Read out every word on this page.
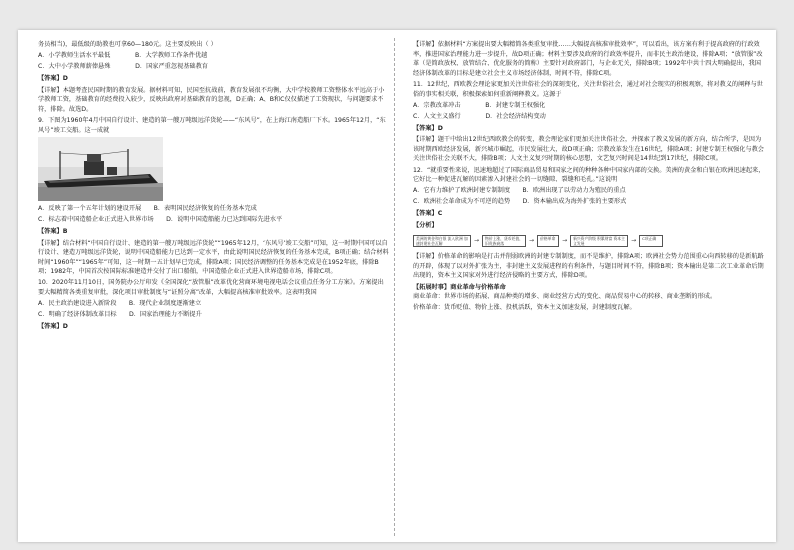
务员相当)，最低级的助教也可拿60—180元。这主要反映出（ ）
A．小学教师生活水平最低　　　　B．大学教师工作条件优越
C．大中小学教师薪俸悬殊　　　　D．国家严重忽视基础教育
【答案】D
【详解】本题考查民国时期的教育发展。据材料可知，民国至抗战前，教育发展很不均衡，大中学校教师工资整体水平远高于小学教师工资，基础教育的经费投入较少，反映出政府对基础教育的忽视，D正确；A、B和C仅仅描述了工资现状，与问题要求不符，排除。故选D。
9．下图为1960年4月中国自行设计、建造的第一艘万吨级远洋货轮——“东风号”，在上海江南造船厂下水。1965年12月，“东风号”竣工交船。这一成就
A．反映了第一个五年计划的建设开展　　B．表明国民经济恢复的任务基本完成
C．标志着中国造船企业正式进入世界市场　　D．说明中国造船能力已达到国际先进水平
【答案】B
【详解】结合材料“中国自行设计、建造的第一艘万吨级远洋货轮”“1965年12月，‘东风号’竣工交船”可知，这一时期中国可以自行设计、建造万吨级远洋货轮，说明中国造船能力已达到一定水平，由此说明国民经济恢复的任务基本完成，B项正确；结合材料时间“1960年”“1965年”可知，这一时期一五计划早已完成，排除A项；国民经济调整的任务基本完成是在1952年底，排除B项；1982年，中国首次按国际标准建造并交付了出口船舶，中国造船企业正式进入世界造船市场，排除C项。
10．2020年11月10日，国务院办公厅印发《全国深化“放管服”改革优化营商环境电视电话会议重点任务分工方案》。方案提出要大幅精简各类重复审批，深化项目审批制度与“证照分离”改革，大幅提高核准审批效率。这表明我国
A．民主政治建设进入新阶段　　B．现代企业制度逐渐建立
C．明确了经济体制改革目标　　D．国家治理能力不断提升
【答案】D
【详解】依据材料“方案提出要大幅精简各类重复审批……大幅提高核准审批效率”，可以看出，该方案有利于提高政府的行政效率，推进国家治理能力进一步提升，故D项正确；材料主要涉及政府的行政效率提升，而非民主政治建设，排除A项；“放管服”改革（是简政放权、放管结合、优化服务的简称）主要针对政府部门，与企业无关，排除B项；1992年中共十四大明确提出，我国经济体制改革的目标是建立社会主义市场经济体制，时间不符，排除C项。
11．12世纪，西欧教会理论家更加关注世俗社会的深刻变化，关注世俗社会，通过对社会现实的积极观察，将对教义的阐释与世俗的事实相关联，积极探索如何重新阐释教义。这源于
A．宗教改革冲击　　　　B．封建专制王权强化
C．人文主义盛行　　　　D．社会经济结构变动
【答案】D
【详解】题干中给出12世纪西欧教会的转变，教会理论家们更加关注世俗社会，并探索了教义发展的新方向，结合所学，是因为该时期西欧经济发展，新兴城市崛起，市民发展壮大，故D项正确；宗教改革发生在16世纪，排除A项；封建专制王权强化与教会关注世俗社会关联不大，排除B项；人文主义复兴时期的核心思想，文艺复兴时间是14世纪到17世纪，排除C项。
12．“就重要性来说，迅速地超过了国际商品贸易和国家之间的种种各种中国家内部的交换。美洲的黄金和白银在欧洲迅速起来，它好比一种促进瓦解的因素渗入封建社会的一切缝隙、裂缝和毛孔。”这说明
A．它有力维护了欧洲封建专制制度　　B．欧洲出现了以劳动力为殖民的重点
C．欧洲社会革命成为不可逆的趋势　　D．资本输出成为海外扩张的主要形式
【答案】C
【分析】
美洲的黄金和白银 流入欧洲 加速封建社会瓦解	→	物价上涨，货币贬值，旧贵族衰落	→	价格革命	→	新兴资产阶级 积累财富 资本主义发展	→	C项正确
【详解】价格革命的影响是打击并削弱欧洲的封建专制制度，而不是维护，排除A项；欧洲社会势力范围重心向西转移的是新航路的开辟，体现了以对外扩张为主，非封建主义发展进程的有利条件，与题目时间不符，排除B项；资本输出是第二次工业革命后期出现的，资本主义国家对外进行经济侵略的主要方式，排除D项。
【拓展时事】商业革命与价格革命
商业革命：世界市场的拓展、商品种类的增多、商业经营方式的变化、商品贸易中心的转移、商业垄断的形成。
价格革命：货币贬值、物价上涨、投机活跃，资本主义加速发展，封建制度瓦解。
